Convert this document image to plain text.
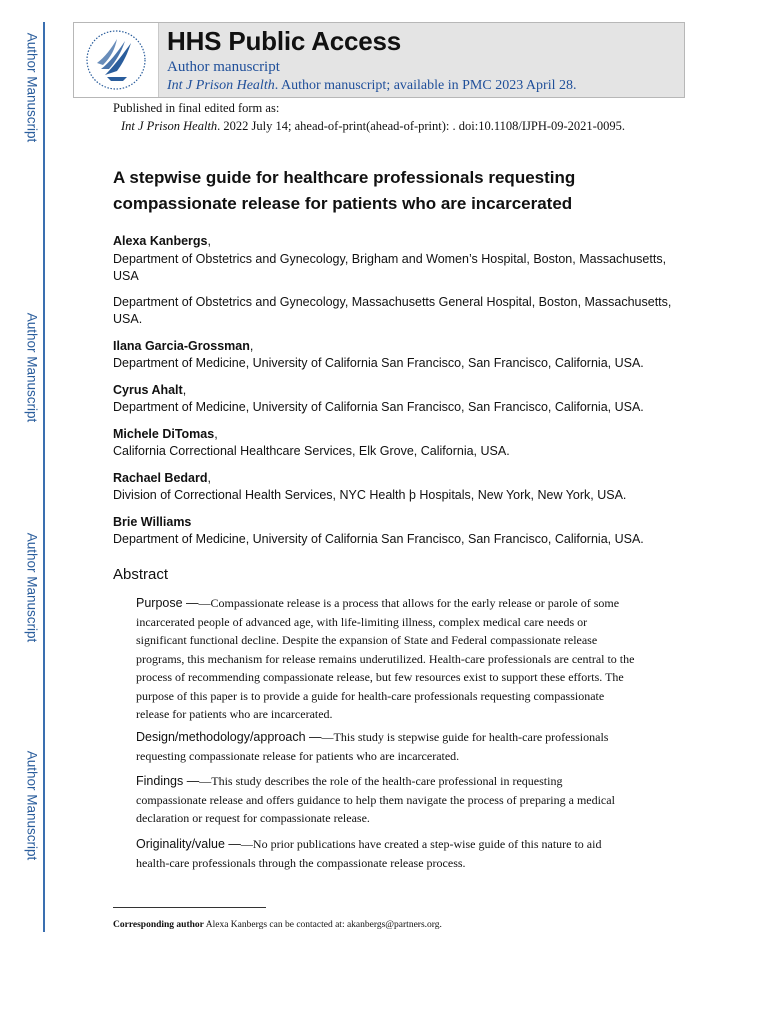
Author Manuscript
Author Manuscript
Author Manuscript
Author Manuscript
HHS Public Access
Author manuscript
Int J Prison Health. Author manuscript; available in PMC 2023 April 28.
Published in final edited form as:
Int J Prison Health. 2022 July 14; ahead-of-print(ahead-of-print): . doi:10.1108/IJPH-09-2021-0095.
A stepwise guide for healthcare professionals requesting compassionate release for patients who are incarcerated
Alexa Kanbergs,
Department of Obstetrics and Gynecology, Brigham and Women’s Hospital, Boston, Massachusetts, USA
Department of Obstetrics and Gynecology, Massachusetts General Hospital, Boston, Massachusetts, USA.
Ilana Garcia-Grossman,
Department of Medicine, University of California San Francisco, San Francisco, California, USA.
Cyrus Ahalt,
Department of Medicine, University of California San Francisco, San Francisco, California, USA.
Michele DiTomas,
California Correctional Healthcare Services, Elk Grove, California, USA.
Rachael Bedard,
Division of Correctional Health Services, NYC Health þ Hospitals, New York, New York, USA.
Brie Williams
Department of Medicine, University of California San Francisco, San Francisco, California, USA.
Abstract
Purpose ——Compassionate release is a process that allows for the early release or parole of some incarcerated people of advanced age, with life-limiting illness, complex medical care needs or significant functional decline. Despite the expansion of State and Federal compassionate release programs, this mechanism for release remains underutilized. Health-care professionals are central to the process of recommending compassionate release, but few resources exist to support these efforts. The purpose of this paper is to provide a guide for health-care professionals requesting compassionate release for patients who are incarcerated.
Design/methodology/approach ——This study is stepwise guide for health-care professionals requesting compassionate release for patients who are incarcerated.
Findings ——This study describes the role of the health-care professional in requesting compassionate release and offers guidance to help them navigate the process of preparing a medical declaration or request for compassionate release.
Originality/value ——No prior publications have created a step-wise guide of this nature to aid health-care professionals through the compassionate release process.
Corresponding author Alexa Kanbergs can be contacted at: akanbergs@partners.org.
